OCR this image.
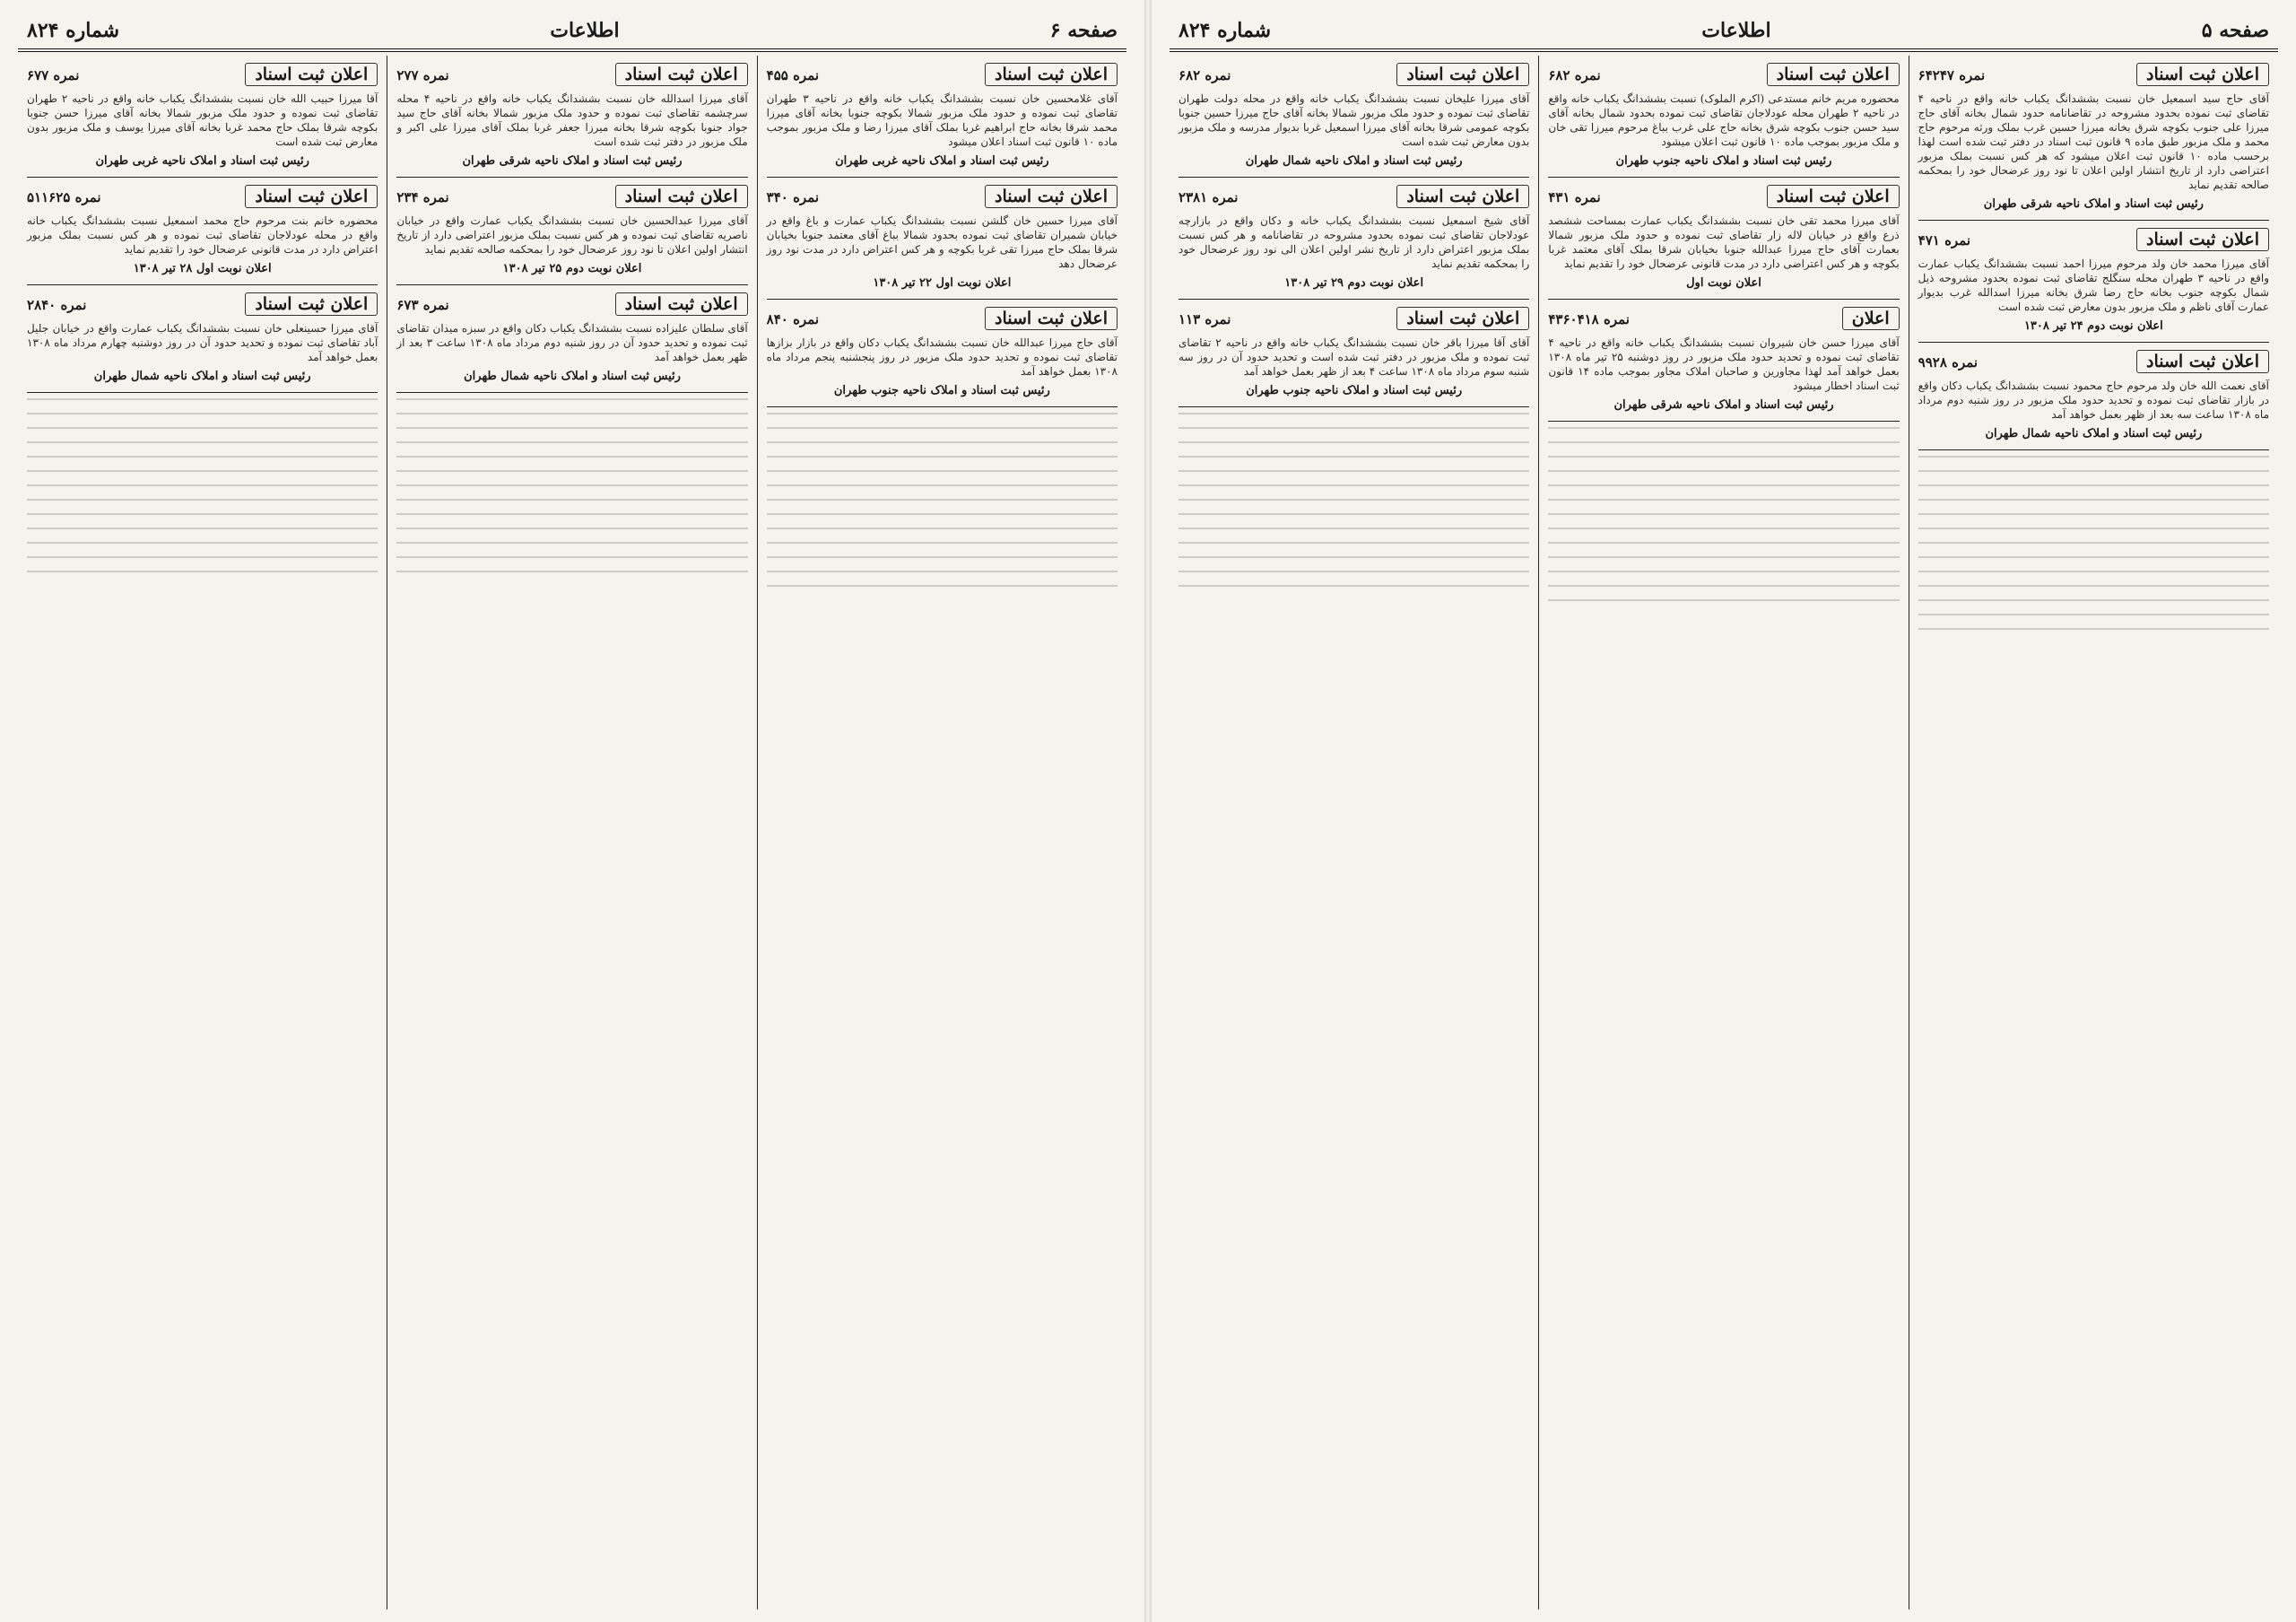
صفحه ۶
اطلاعات
شماره ۸۲۴
اعلان ثبت اسناد
نمره ۴۵۵
آقای غلامحسین خان نسبت بششدانگ یکباب خانه واقع در ناحیه ۳ طهران تقاضای ثبت نموده و حدود ملک مزبور شمالا بکوچه جنوبا بخانه آقای میرزا محمد شرقا بخانه حاج ابراهیم غربا بملک آقای میرزا رضا و ملک مزبور بموجب ماده ۱۰ قانون ثبت اسناد اعلان میشود
رئیس ثبت اسناد و املاک ناحیه غربی طهران
اعلان ثبت اسناد
نمره ۳۴۰
آقای میرزا حسین خان گلشن نسبت بششدانگ یکباب عمارت و باغ واقع در خیابان شمیران تقاضای ثبت نموده بحدود شمالا بباغ آقای معتمد جنوبا بخیابان شرقا بملک حاج میرزا تقی غربا بکوچه و هر کس اعتراض دارد در مدت نود روز عرضحال دهد
اعلان نوبت اول ۲۲ تیر ۱۳۰۸
اعلان ثبت اسناد
نمره ۸۴۰
آقای حاج میرزا عبدالله خان نسبت بششدانگ یکباب دکان واقع در بازار بزازها تقاضای ثبت نموده و تحدید حدود ملک مزبور در روز پنجشنبه پنجم مرداد ماه ۱۳۰۸ بعمل خواهد آمد
رئیس ثبت اسناد و املاک ناحیه جنوب طهران
اعلان ثبت اسناد
نمره ۲۷۷
آقای میرزا اسدالله خان نسبت بششدانگ یکباب خانه واقع در ناحیه ۴ محله سرچشمه تقاضای ثبت نموده و حدود ملک مزبور شمالا بخانه آقای حاج سید جواد جنوبا بکوچه شرقا بخانه میرزا جعفر غربا بملک آقای میرزا علی اکبر و ملک مزبور در دفتر ثبت شده است
رئیس ثبت اسناد و املاک ناحیه شرقی طهران
اعلان ثبت اسناد
نمره ۲۳۴
آقای میرزا عبدالحسین خان نسبت بششدانگ یکباب عمارت واقع در خیابان ناصریه تقاضای ثبت نموده و هر کس نسبت بملک مزبور اعتراضی دارد از تاریخ انتشار اولین اعلان تا نود روز عرضحال خود را بمحکمه صالحه تقدیم نماید
اعلان نوبت دوم ۲۵ تیر ۱۳۰۸
اعلان ثبت اسناد
نمره ۶۷۳
آقای سلطان علیزاده نسبت بششدانگ یکباب دکان واقع در سبزه میدان تقاضای ثبت نموده و تحدید حدود آن در روز شنبه دوم مرداد ماه ۱۳۰۸ ساعت ۳ بعد از ظهر بعمل خواهد آمد
رئیس ثبت اسناد و املاک ناحیه شمال طهران
اعلان ثبت اسناد
نمره ۶۷۷
آقا میرزا حبیب الله خان نسبت بششدانگ یکباب خانه واقع در ناحیه ۲ طهران تقاضای ثبت نموده و حدود ملک مزبور شمالا بخانه آقای میرزا حسن جنوبا بکوچه شرقا بملک حاج محمد غربا بخانه آقای میرزا یوسف و ملک مزبور بدون معارض ثبت شده است
رئیس ثبت اسناد و املاک ناحیه غربی طهران
اعلان ثبت اسناد
نمره ۵۱۱۶۲۵
محضوره خانم بنت مرحوم حاج محمد اسمعیل نسبت بششدانگ یکباب خانه واقع در محله عودلاجان تقاضای ثبت نموده و هر کس نسبت بملک مزبور اعتراض دارد در مدت قانونی عرضحال خود را تقدیم نماید
اعلان نوبت اول ۲۸ تیر ۱۳۰۸
اعلان ثبت اسناد
نمره ۲۸۴۰
آقای میرزا حسینعلی خان نسبت بششدانگ یکباب عمارت واقع در خیابان جلیل آباد تقاضای ثبت نموده و تحدید حدود آن در روز دوشنبه چهارم مرداد ماه ۱۳۰۸ بعمل خواهد آمد
رئیس ثبت اسناد و املاک ناحیه شمال طهران
صفحه ۵
اطلاعات
شماره ۸۲۴
اعلان ثبت اسناد
نمره ۶۴۲۴۷
آقای حاج سید اسمعیل خان نسبت بششدانگ یکباب خانه واقع در ناحیه ۴ تقاضای ثبت نموده بحدود مشروحه در تقاضانامه حدود شمال بخانه آقای حاج میرزا علی جنوب بکوچه شرق بخانه میرزا حسین غرب بملک ورثه مرحوم حاج محمد و ملک مزبور طبق ماده ۹ قانون ثبت اسناد در دفتر ثبت شده است لهذا برحسب ماده ۱۰ قانون ثبت اعلان میشود که هر کس نسبت بملک مزبور اعتراضی دارد از تاریخ انتشار اولین اعلان تا نود روز عرضحال خود را بمحکمه صالحه تقدیم نماید
رئیس ثبت اسناد و املاک ناحیه شرقی طهران
اعلان ثبت اسناد
نمره ۴۷۱
آقای میرزا محمد خان ولد مرحوم میرزا احمد نسبت بششدانگ یکباب عمارت واقع در ناحیه ۳ طهران محله سنگلج تقاضای ثبت نموده بحدود مشروحه ذیل شمال بکوچه جنوب بخانه حاج رضا شرق بخانه میرزا اسدالله غرب بدیوار عمارت آقای ناظم و ملک مزبور بدون معارض ثبت شده است
اعلان نوبت دوم ۲۴ تیر ۱۳۰۸
اعلان ثبت اسناد
نمره ۹۹۲۸
آقای نعمت الله خان ولد مرحوم حاج محمود نسبت بششدانگ یکباب دکان واقع در بازار تقاضای ثبت نموده و تحدید حدود ملک مزبور در روز شنبه دوم مرداد ماه ۱۳۰۸ ساعت سه بعد از ظهر بعمل خواهد آمد
رئیس ثبت اسناد و املاک ناحیه شمال طهران
اعلان ثبت اسناد
نمره ۶۸۲
محضوره مریم خانم مستدعی (اکرم الملوک) نسبت بششدانگ یکباب خانه واقع در ناحیه ۲ طهران محله عودلاجان تقاضای ثبت نموده بحدود شمال بخانه آقای سید حسن جنوب بکوچه شرق بخانه حاج علی غرب بباغ مرحوم میرزا تقی خان و ملک مزبور بموجب ماده ۱۰ قانون ثبت اعلان میشود
رئیس ثبت اسناد و املاک ناحیه جنوب طهران
اعلان ثبت اسناد
نمره ۴۳۱
آقای میرزا محمد تقی خان نسبت بششدانگ یکباب عمارت بمساحت ششصد ذرع واقع در خیابان لاله زار تقاضای ثبت نموده و حدود ملک مزبور شمالا بعمارت آقای حاج میرزا عبدالله جنوبا بخیابان شرقا بملک آقای معتمد غربا بکوچه و هر کس اعتراضی دارد در مدت قانونی عرضحال خود را تقدیم نماید
اعلان نوبت اول
اعلان
نمره ۴۳۶۰۴۱۸
آقای میرزا حسن خان شیروان نسبت بششدانگ یکباب خانه واقع در ناحیه ۴ تقاضای ثبت نموده و تحدید حدود ملک مزبور در روز دوشنبه ۲۵ تیر ماه ۱۳۰۸ بعمل خواهد آمد لهذا مجاورین و صاحبان املاک مجاور بموجب ماده ۱۴ قانون ثبت اسناد اخطار میشود
رئیس ثبت اسناد و املاک ناحیه شرقی طهران
اعلان ثبت اسناد
نمره ۶۸۲
آقای میرزا علیخان نسبت بششدانگ یکباب خانه واقع در محله دولت طهران تقاضای ثبت نموده و حدود ملک مزبور شمالا بخانه آقای حاج میرزا حسین جنوبا بکوچه عمومی شرقا بخانه آقای میرزا اسمعیل غربا بدیوار مدرسه و ملک مزبور بدون معارض ثبت شده است
رئیس ثبت اسناد و املاک ناحیه شمال طهران
اعلان ثبت اسناد
نمره ۲۳۸۱
آقای شیخ اسمعیل نسبت بششدانگ یکباب خانه و دکان واقع در بازارچه عودلاجان تقاضای ثبت نموده بحدود مشروحه در تقاضانامه و هر کس نسبت بملک مزبور اعتراض دارد از تاریخ نشر اولین اعلان الی نود روز عرضحال خود را بمحکمه تقدیم نماید
اعلان نوبت دوم ۲۹ تیر ۱۳۰۸
اعلان ثبت اسناد
نمره ۱۱۳
آقای آقا میرزا باقر خان نسبت بششدانگ یکباب خانه واقع در ناحیه ۲ تقاضای ثبت نموده و ملک مزبور در دفتر ثبت شده است و تحدید حدود آن در روز سه شنبه سوم مرداد ماه ۱۳۰۸ ساعت ۴ بعد از ظهر بعمل خواهد آمد
رئیس ثبت اسناد و املاک ناحیه جنوب طهران
